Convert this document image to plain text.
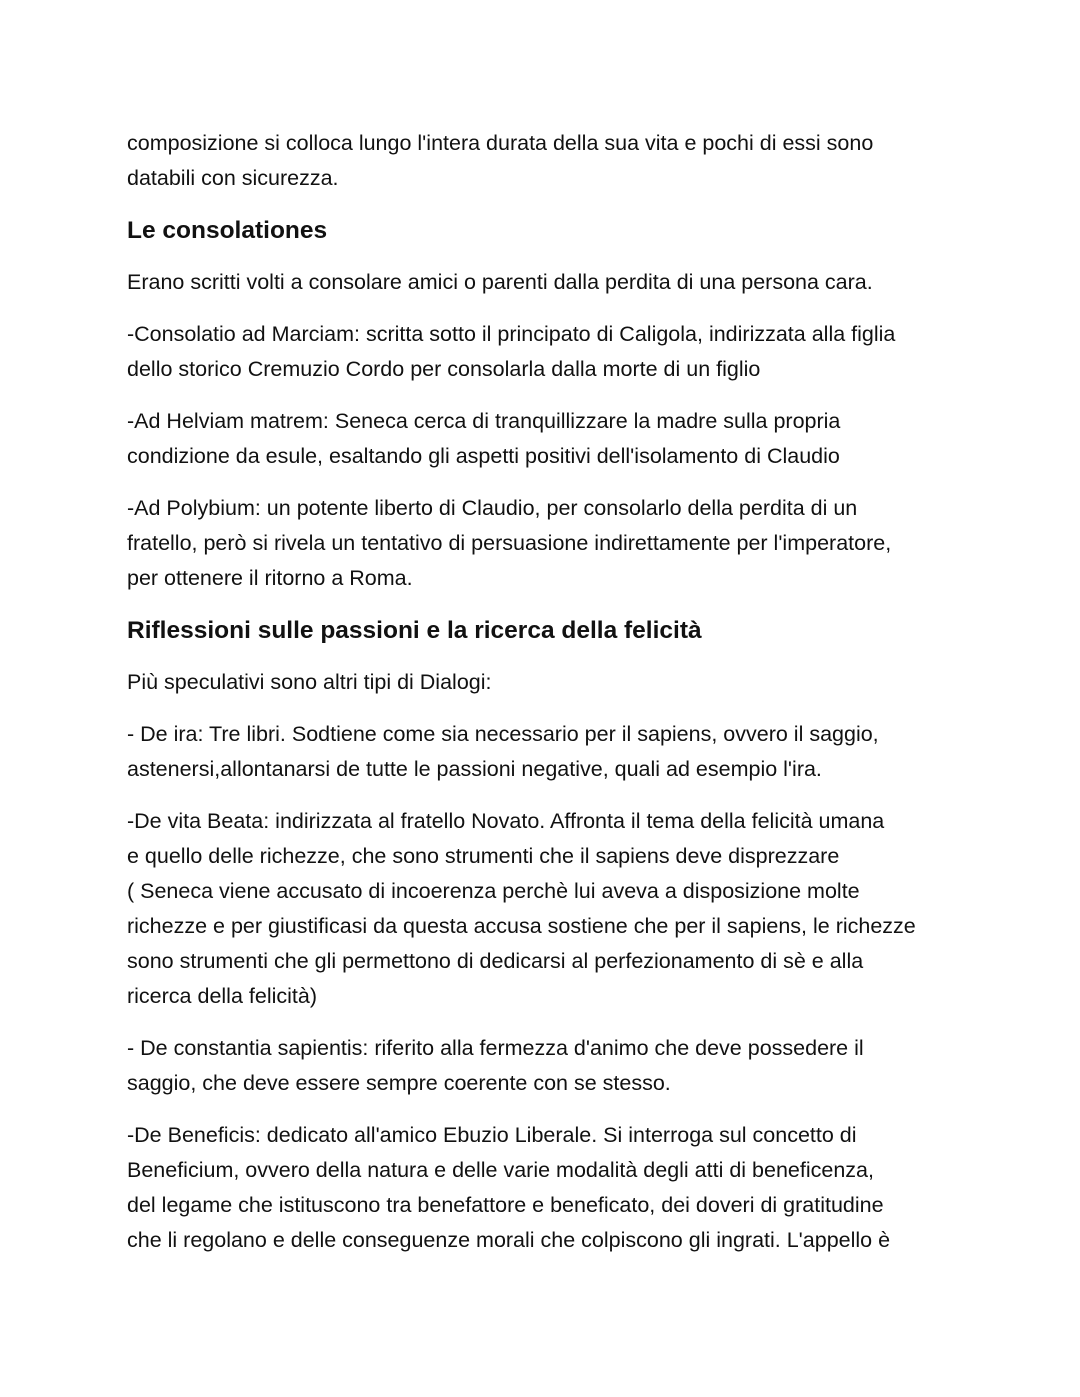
composizione si colloca lungo l'intera durata della sua vita e pochi di essi sono
databili con sicurezza.

Le consolationes

Erano scritti volti a consolare amici o parenti dalla perdita di una persona cara.

-Consolatio ad Marciam: scritta sotto il principato di Caligola, indirizzata alla figlia
dello storico Cremuzio Cordo per consolarla dalla morte di un figlio

-Ad Helviam matrem: Seneca cerca di tranquillizzare la madre sulla propria
condizione da esule, esaltando gli aspetti positivi dell'isolamento di Claudio

-Ad Polybium: un potente liberto di Claudio, per consolarlo della perdita di un
fratello, però si rivela un tentativo di persuasione indirettamente per l'imperatore,
per ottenere il ritorno a Roma.

Riflessioni sulle passioni e la ricerca della felicità

Più speculativi sono altri tipi di Dialogi:

- De ira: Tre libri. Sodtiene come sia necessario per il sapiens, ovvero il saggio,
astenersi,allontanarsi de tutte le passioni negative, quali ad esempio l'ira.

-De vita Beata: indirizzata al fratello Novato. Affronta il tema della felicità umana
e quello delle richezze, che sono strumenti che il sapiens deve disprezzare
( Seneca viene accusato di incoerenza perchè lui aveva a disposizione molte
richezze e per giustificasi da questa accusa sostiene che per il sapiens, le richezze
sono strumenti che gli permettono di dedicarsi al perfezionamento di sè e alla
ricerca della felicità)

- De constantia sapientis: riferito alla fermezza d'animo che deve possedere il
saggio, che deve essere sempre coerente con se stesso.

-De Beneficis: dedicato all'amico Ebuzio Liberale. Si interroga sul concetto di
Beneficium, ovvero della natura e delle varie modalità degli atti di beneficenza,
del legame che istituscono tra benefattore e beneficato, dei doveri di gratitudine
che li regolano e delle conseguenze morali che colpiscono gli ingrati. L'appello è
